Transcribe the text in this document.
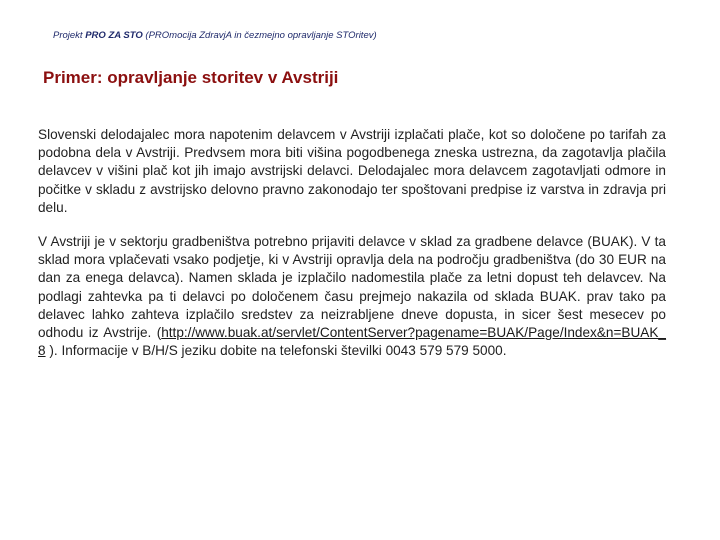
Projekt PRO ZA STO (PROmocija ZdravjA in čezmejno opravljanje STOritev)
Primer: opravljanje storitev v Avstriji

Slovenski delodajalec mora napotenim delavcem v Avstriji izplačati plače, kot so določene po tarifah za podobna dela v Avstriji. Predvsem mora biti višina pogodbenega zneska ustrezna, da zagotavlja plačila delavcev v višini plač kot jih imajo avstrijski delavci. Delodajalec mora delavcem zagotavljati odmore in počitke v skladu z avstrijsko delovno pravno zakonodajo ter spoštovani predpise iz varstva in zdravja pri delu.

V Avstriji je v sektorju gradbeništva potrebno prijaviti delavce v sklad za gradbene delavce (BUAK). V ta sklad mora vplačevati vsako podjetje, ki v Avstriji opravlja dela na področju gradbeništva (do 30 EUR na dan za enega delavca). Namen sklada je izplačilo nadomestila plače za letni dopust teh delavcev. Na podlagi zahtevka pa ti delavci po določenem času prejmejo nakazila od sklada BUAK. prav tako pa delavec lahko zahteva izplačilo sredstev za neizrabljene dneve dopusta, in sicer šest mesecev po odhodu iz Avstrije. (http://www.buak.at/servlet/ContentServer?pagename=BUAK/Page/Index&n=BUAK_8 ). Informacije v B/H/S jeziku dobite na telefonski številki 0043 579 579 5000.
